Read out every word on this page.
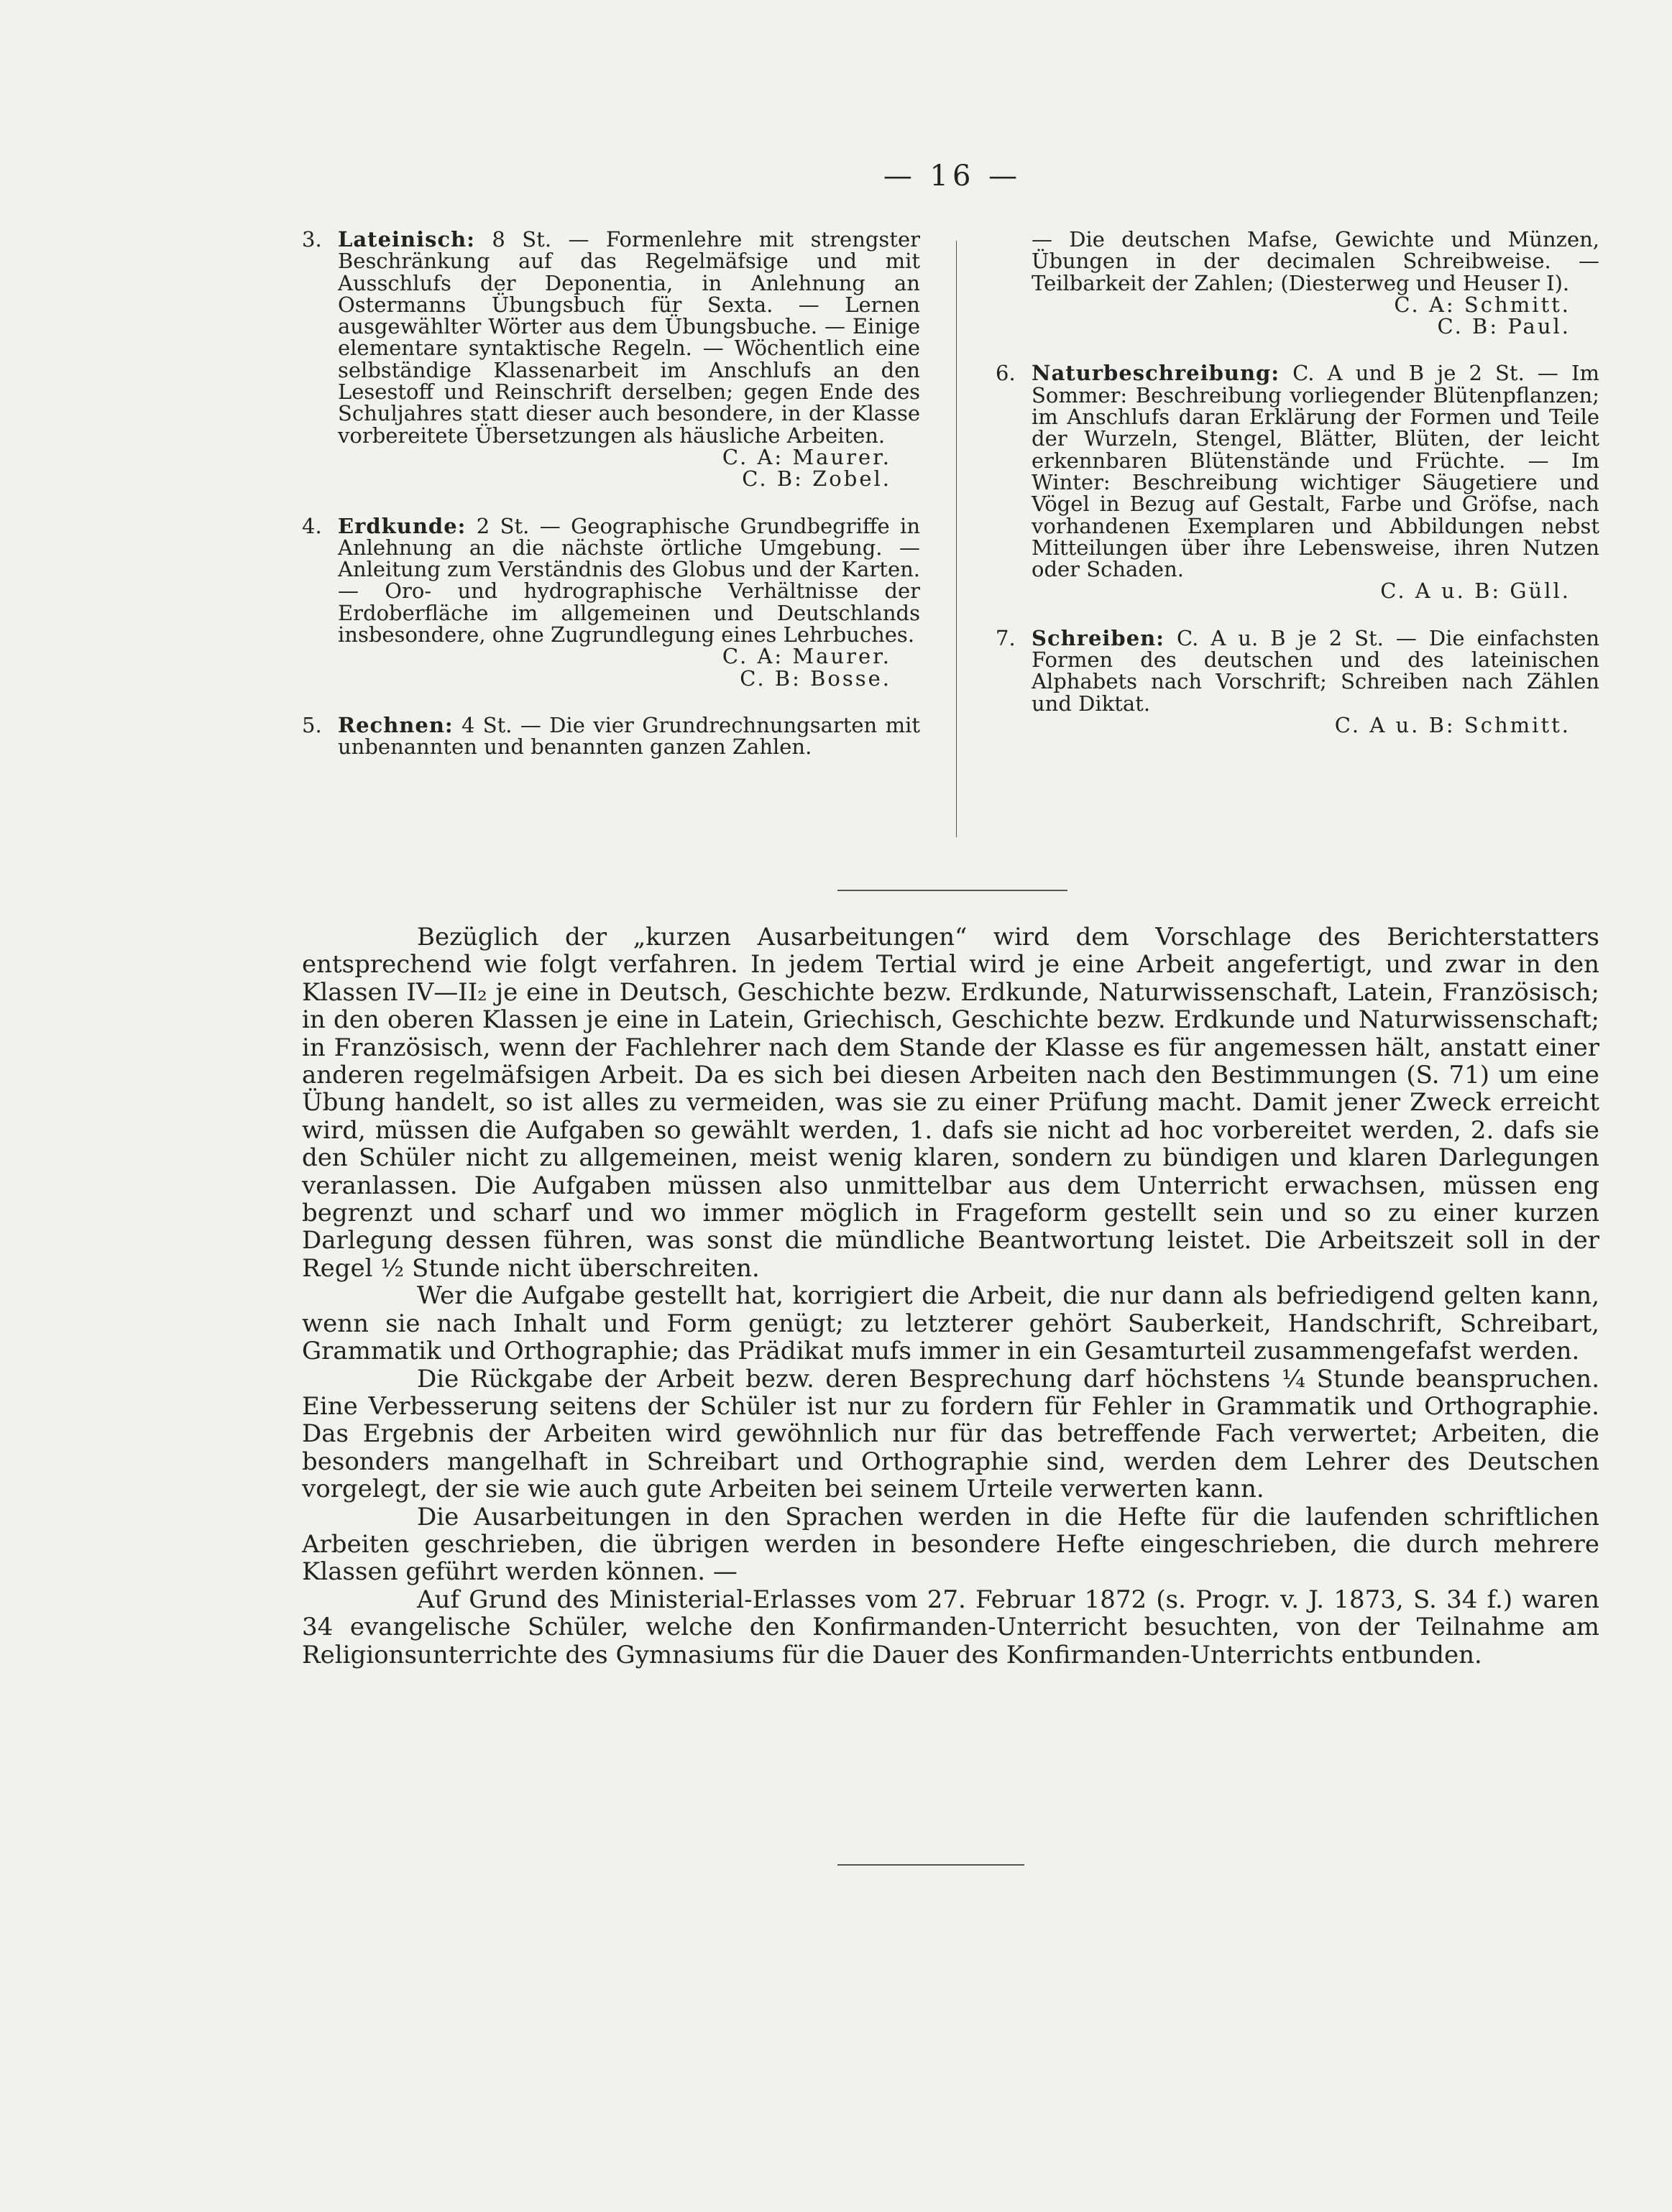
— 16 —
3. Lateinisch: 8 St. — Formenlehre mit strengster Beschränkung auf das Regelmäfsige und mit Ausschlufs der Deponentia, in Anlehnung an Ostermanns Übungsbuch für Sexta. — Lernen ausgewählter Wörter aus dem Übungsbuche. — Einige elementare syntaktische Regeln. — Wöchentlich eine selbständige Klassenarbeit im Anschlufs an den Lesestoff und Reinschrift derselben; gegen Ende des Schuljahres statt dieser auch besondere, in der Klasse vorbereitete Übersetzungen als häusliche Arbeiten.

C. A: Maurer.
C. B: Zobel.
4. Erdkunde: 2 St. — Geographische Grundbegriffe in Anlehnung an die nächste örtliche Umgebung. — Anleitung zum Verständnis des Globus und der Karten. — Oro- und hydrographische Verhältnisse der Erdoberfläche im allgemeinen und Deutschlands insbesondere, ohne Zugrundlegung eines Lehrbuches.

C. A: Maurer.
C. B: Bosse.
5. Rechnen: 4 St. — Die vier Grundrechnungsarten mit unbenannten und benannten ganzen Zahlen.

— Die deutschen Mafse, Gewichte und Münzen, Übungen in der decimalen Schreibweise. — Teilbarkeit der Zahlen; (Diesterweg und Heuser I).

C. A: Schmitt.
C. B: Paul.
6. Naturbeschreibung: C. A und B je 2 St. — Im Sommer: Beschreibung vorliegender Blütenpflanzen; im Anschlufs daran Erklärung der Formen und Teile der Wurzeln, Stengel, Blätter, Blüten, der leicht erkennbaren Blütenstände und Früchte. — Im Winter: Beschreibung wichtiger Säugetiere und Vögel in Bezug auf Gestalt, Farbe und Gröfse, nach vorhandenen Exemplaren und Abbildungen nebst Mitteilungen über ihre Lebensweise, ihren Nutzen oder Schaden.

C. A u. B: Güll.
7. Schreiben: C. A u. B je 2 St. — Die einfachsten Formen des deutschen und des lateinischen Alphabets nach Vorschrift; Schreiben nach Zählen und Diktat.

C. A u. B: Schmitt.

Bezüglich der „kurzen Ausarbeitungen“ wird dem Vorschlage des Berichterstatters entsprechend wie folgt verfahren. In jedem Tertial wird je eine Arbeit angefertigt, und zwar in den Klassen IV—II₂ je eine in Deutsch, Geschichte bezw. Erdkunde, Naturwissenschaft, Latein, Französisch; in den oberen Klassen je eine in Latein, Griechisch, Geschichte bezw. Erdkunde und Naturwissenschaft; in Französisch, wenn der Fachlehrer nach dem Stande der Klasse es für angemessen hält, anstatt einer anderen regelmäfsigen Arbeit. Da es sich bei diesen Arbeiten nach den Bestimmungen (S. 71) um eine Übung handelt, so ist alles zu vermeiden, was sie zu einer Prüfung macht. Damit jener Zweck erreicht wird, müssen die Aufgaben so gewählt werden, 1. dafs sie nicht ad hoc vorbereitet werden, 2. dafs sie den Schüler nicht zu allgemeinen, meist wenig klaren, sondern zu bündigen und klaren Darlegungen veranlassen. Die Aufgaben müssen also unmittelbar aus dem Unterricht erwachsen, müssen eng begrenzt und scharf und wo immer möglich in Frageform gestellt sein und so zu einer kurzen Darlegung dessen führen, was sonst die mündliche Beantwortung leistet. Die Arbeitszeit soll in der Regel ½ Stunde nicht überschreiten.

Wer die Aufgabe gestellt hat, korrigiert die Arbeit, die nur dann als befriedigend gelten kann, wenn sie nach Inhalt und Form genügt; zu letzterer gehört Sauberkeit, Handschrift, Schreibart, Grammatik und Orthographie; das Prädikat mufs immer in ein Gesamturteil zusammengefafst werden.

Die Rückgabe der Arbeit bezw. deren Besprechung darf höchstens ¼ Stunde beanspruchen. Eine Verbesserung seitens der Schüler ist nur zu fordern für Fehler in Grammatik und Orthographie. Das Ergebnis der Arbeiten wird gewöhnlich nur für das betreffende Fach verwertet; Arbeiten, die besonders mangelhaft in Schreibart und Orthographie sind, werden dem Lehrer des Deutschen vorgelegt, der sie wie auch gute Arbeiten bei seinem Urteile verwerten kann.

Die Ausarbeitungen in den Sprachen werden in die Hefte für die laufenden schriftlichen Arbeiten geschrieben, die übrigen werden in besondere Hefte eingeschrieben, die durch mehrere Klassen geführt werden können. —

Auf Grund des Ministerial-Erlasses vom 27. Februar 1872 (s. Progr. v. J. 1873, S. 34 f.) waren 34 evangelische Schüler, welche den Konfirmanden-Unterricht besuchten, von der Teilnahme am Religionsunterrichte des Gymnasiums für die Dauer des Konfirmanden-Unterrichts entbunden.
